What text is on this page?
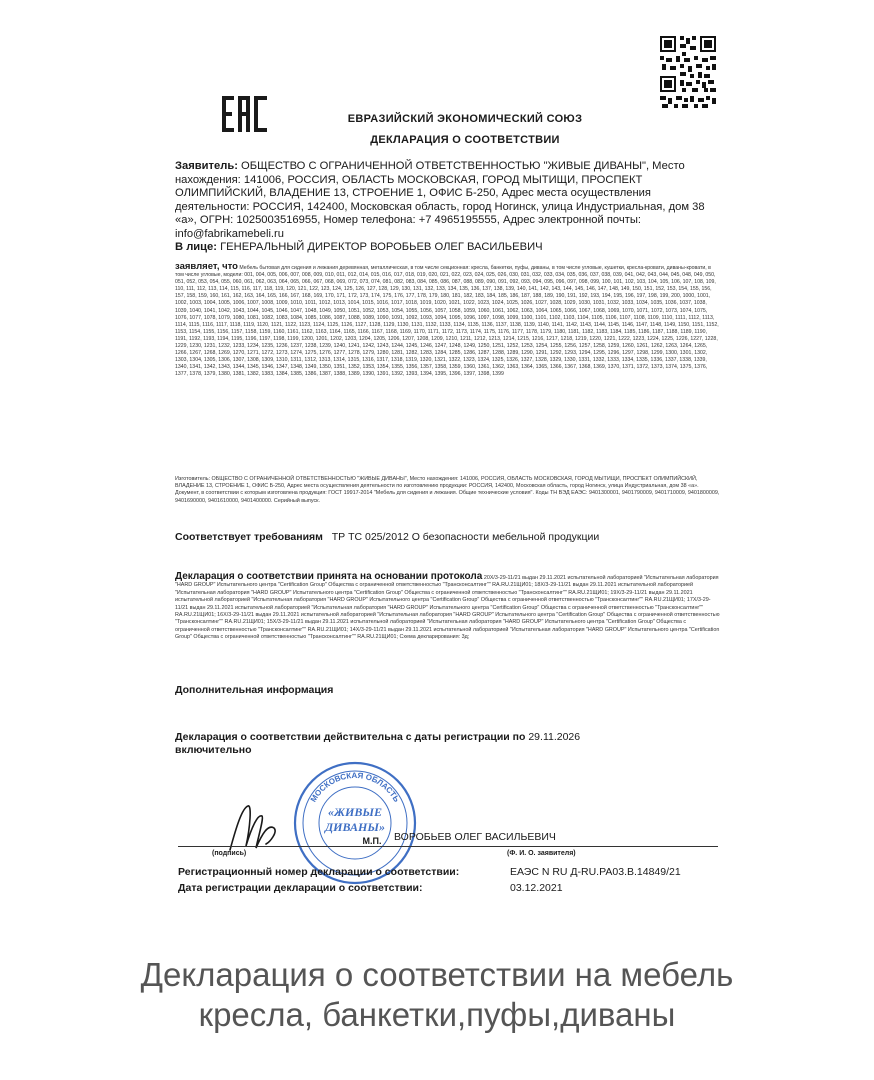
ЕВРАЗИЙСКИЙ ЭКОНОМИЧЕСКИЙ СОЮЗ
ДЕКЛАРАЦИЯ О СООТВЕТСТВИИ
Заявитель: ОБЩЕСТВО С ОГРАНИЧЕННОЙ ОТВЕТСТВЕННОСТЬЮ "ЖИВЫЕ ДИВАНЫ", Место нахождения: 141006, РОССИЯ, ОБЛАСТЬ МОСКОВСКАЯ, ГОРОД МЫТИЩИ, ПРОСПЕКТ ОЛИМПИЙСКИЙ, ВЛАДЕНИЕ 13, СТРОЕНИЕ 1, ОФИС Б-250, Адрес места осуществления деятельности: РОССИЯ, 142400, Московская область, город Ногинск, улица Индустриальная, дом 38 «а», ОГРН: 1025003516955, Номер телефона: +7 4965195555, Адрес электронной почты: info@fabrikamebeli.ru
В лице: ГЕНЕРАЛЬНЫЙ ДИРЕКТОР ВОРОБЬЕВ ОЛЕГ ВАСИЛЬЕВИЧ
заявляет, что Мебель бытовая для сидения и лежания деревянная, металлическая, в том числе секционная: кресла, банкетки, пуфы, диваны, в том числе угловые, кушетки, кресла-кровати, диваны-кровати, в том числе угловые, модели: 001, 004, 005, 006, 007, 008, 009, 010, 011, 012, 014, 015, 016, 017, 018, 019, 020, 021, 022, 023, 024, 025, 026, 030, 031, 032, 033, 034, 035, 036, 037, 038, 039, 041, 042, 043, 044, 045, 048, 049, 050, 051, 052, 053, 054, 055, 060, 061, 062, 063, 064, 065, 066, 067, 068, 069, 072, 073, 074, 081, 082, 083, 084, 085, 086, 087, 088, 089, 090, 091, 092, 093, 094, 095, 096, 097, 098, 099, 100, 101, 102, 103, 104, 105, 106, 107, 108, 109, 110, 111, 112, 113, 114, 115, 116, 117, 118, 119, 120, 121, 122, 123, 124, 125, 126, 127, 128, 129, 130, 131, 132, 133, 134, 135, 136, 137, 138, 139, 140, 141, 142, 143, 144, 145, 146, 147, 148, 149, 150, 151, 152, 153, 154, 155, 156, 157, 158, 159, 160, 161, 162, 163, 164, 165, 166, 167, 168, 169, 170, 171, 172, 173, 174, 175, 176, 177, 178, 179, 180, 181, 182, 183, 184, 185, 186, 187, 188, 189, 190, 191, 192, 193, 194, 195, 196, 197, 198, 199, 200, 1000, 1001, 1002, 1003, 1004, 1005, 1006, 1007, 1008, 1009, 1010, 1011, 1012, 1013, 1014, 1015, 1016, 1017, 1018, 1019, 1020, 1021, 1022, 1023, 1024, 1025, 1026, 1027, 1028, 1029, 1030, 1031, 1032, 1033, 1034, 1035, 1036, 1037, 1038, 1039, 1040, 1041, 1042, 1043, 1044, 1045, 1046, 1047, 1048, 1049, 1050, 1051, 1052, 1053, 1054, 1055, 1056, 1057, 1058, 1059, 1060, 1061, 1062, 1063, 1064, 1065, 1066, 1067, 1068, 1069, 1070, 1071, 1072, 1073, 1074, 1075, 1076, 1077, 1078, 1079, 1080, 1081, 1082, 1083, 1084, 1085, 1086, 1087, 1088, 1089, 1090, 1091, 1092, 1093, 1094, 1095, 1096, 1097, 1098, 1099, 1100, 1101, 1102, 1103, 1104, 1105, 1106, 1107, 1108, 1109, 1110, 1111, 1112, 1113, 1114, 1115, 1116, 1117, 1118, 1119, 1120, 1121, 1122, 1123, 1124, 1125, 1126, 1127, 1128, 1129, 1130, 1131, 1132, 1133, 1134, 1135, 1136, 1137, 1138, 1139, 1140, 1141, 1142, 1143, 1144, 1145, 1146, 1147, 1148, 1149, 1150, 1151, 1152, 1153, 1154, 1155, 1156, 1157, 1158, 1159, 1160, 1161, 1162, 1163, 1164, 1165, 1166, 1167, 1168, 1169, 1170, 1171, 1172, 1173, 1174, 1175, 1176, 1177, 1178, 1179, 1180, 1181, 1182, 1183, 1184, 1185, 1186, 1187, 1188, 1189, 1190, 1191, 1192, 1193, 1194, 1195, 1196, 1197, 1198, 1199, 1200, 1201, 1202, 1203, 1204, 1205, 1206, 1207, 1208, 1209, 1210, 1211, 1212, 1213, 1214, 1215, 1216, 1217, 1218, 1219, 1220, 1221, 1222, 1223, 1224, 1225, 1226, 1227, 1228, 1229, 1230, 1231, 1232, 1233, 1234, 1235, 1236, 1237, 1238, 1239, 1240, 1241, 1242, 1243, 1244, 1245, 1246, 1247, 1248, 1249, 1250, 1251, 1252, 1253, 1254, 1255, 1256, 1257, 1258, 1259, 1260, 1261, 1262, 1263, 1264, 1265, 1266, 1267, 1268, 1269, 1270, 1271, 1272, 1273, 1274, 1275, 1276, 1277, 1278, 1279, 1280, 1281, 1282, 1283, 1284, 1285, 1286, 1287, 1288, 1289, 1290, 1291, 1292, 1293, 1294, 1295, 1296, 1297, 1298, 1299, 1300, 1301, 1302, 1303, 1304, 1305, 1306, 1307, 1308, 1309, 1310, 1311, 1312, 1313, 1314, 1315, 1316, 1317, 1318, 1319, 1320, 1321, 1322, 1323, 1324, 1325, 1326, 1327, 1328, 1329, 1330, 1331, 1332, 1333, 1334, 1335, 1336, 1337, 1338, 1339, 1340, 1341, 1342, 1343, 1344, 1345, 1346, 1347, 1348, 1349, 1350, 1351, 1352, 1353, 1354, 1355, 1356, 1357, 1358, 1359, 1360, 1361, 1362, 1363, 1364, 1365, 1366, 1367, 1368, 1369, 1370, 1371, 1372, 1373, 1374, 1375, 1376, 1377, 1378, 1379, 1380, 1381, 1382, 1383, 1384, 1385, 1386, 1387, 1388, 1389, 1390, 1391, 1392, 1393, 1394, 1395, 1396, 1397, 1398, 1399
Изготовитель: ОБЩЕСТВО С ОГРАНИЧЕННОЙ ОТВЕТСТВЕННОСТЬЮ "ЖИВЫЕ ДИВАНЫ", Место нахождения: 141006, РОССИЯ, ОБЛАСТЬ МОСКОВСКАЯ, ГОРОД МЫТИЩИ, ПРОСПЕКТ ОЛИМПИЙСКИЙ, ВЛАДЕНИЕ 13, СТРОЕНИЕ 1, ОФИС Б-250, Адрес места осуществления деятельности по изготовлению продукции: РОССИЯ, 142400, Московская область, город Ногинск, улица Индустриальная, дом 38 «а». Документ, в соответствии с которым изготовлена продукция: ГОСТ 19917-2014 "Мебель для сидения и лежания. Общие технические условия". Коды ТН ВЭД ЕАЭС: 9401300001, 9401790009, 9401710009, 9401800009, 9401690000, 9401610000, 9401400000. Серийный выпуск.
Соответствует требованиям ТР ТС 025/2012 О безопасности мебельной продукции
Декларация о соответствии принята на основании протокола 20Х/3-29-11/21 выдан 29.11.2021 испытательной лабораторией "Испытательная лаборатория "HARD GROUP" Испытательного центра "Certification Group" Общества с ограниченной ответственностью "Трансконсалтинг"" RA.RU.21ЩИ01; 18Х/3-29-11/21 выдан 29.11.2021 испытательной лабораторией "Испытательная лаборатория "HARD GROUP" Испытательного центра "Certification Group" Общества с ограниченной ответственностью "Трансконсалтинг"" RA.RU.21ЩИ01; 19Х/3-29-11/21 выдан 29.11.2021 испытательной лабораторией "Испытательная лаборатория "HARD GROUP" Испытательного центра "Certification Group" Общества с ограниченной ответственностью "Трансконсалтинг"" RA.RU.21ЩИ01; 17Х/3-29-11/21 выдан 29.11.2021 испытательной лабораторией "Испытательная лаборатория "HARD GROUP" Испытательного центра "Certification Group" Общества с ограниченной ответственностью "Трансконсалтинг"" RA.RU.21ЩИ01; 16Х/3-29-11/21 выдан 29.11.2021 испытательной лабораторией "Испытательная лаборатория "HARD GROUP" Испытательного центра "Certification Group" Общества с ограниченной ответственностью "Трансконсалтинг"" RA.RU.21ЩИ01; 15Х/3-29-11/21 выдан 29.11.2021 испытательной лабораторией "Испытательная лаборатория "HARD GROUP" Испытательного центра "Certification Group" Общества с ограниченной ответственностью "Трансконсалтинг"" RA.RU.21ЩИ01; 14Х/3-29-11/21 выдан 29.11.2021 испытательной лабораторией "Испытательная лаборатория "HARD GROUP" Испытательного центра "Certification Group" Общества с ограниченной ответственностью "Трансконсалтинг"" RA.RU.21ЩИ01; Схема декларирования: 3д;
Дополнительная информация
Декларация о соответствии действительна с даты регистрации по 29.11.2026
включительно
МОСКОВСКАЯ ОБЛАСТЬ
«ЖИВЫЕ
ДИВАНЫ»
М.П. ВОРОБЬЕВ ОЛЕГ ВАСИЛЬЕВИЧ
(подпись)	(Ф. И. О. заявителя)
Регистрационный номер декларации о соответствии:	ЕАЭС N RU Д-RU.РА03.В.14849/21
Дата регистрации декларации о соответствии:	03.12.2021
Декларация о соответствии на мебель
кресла, банкетки,пуфы,диваны
